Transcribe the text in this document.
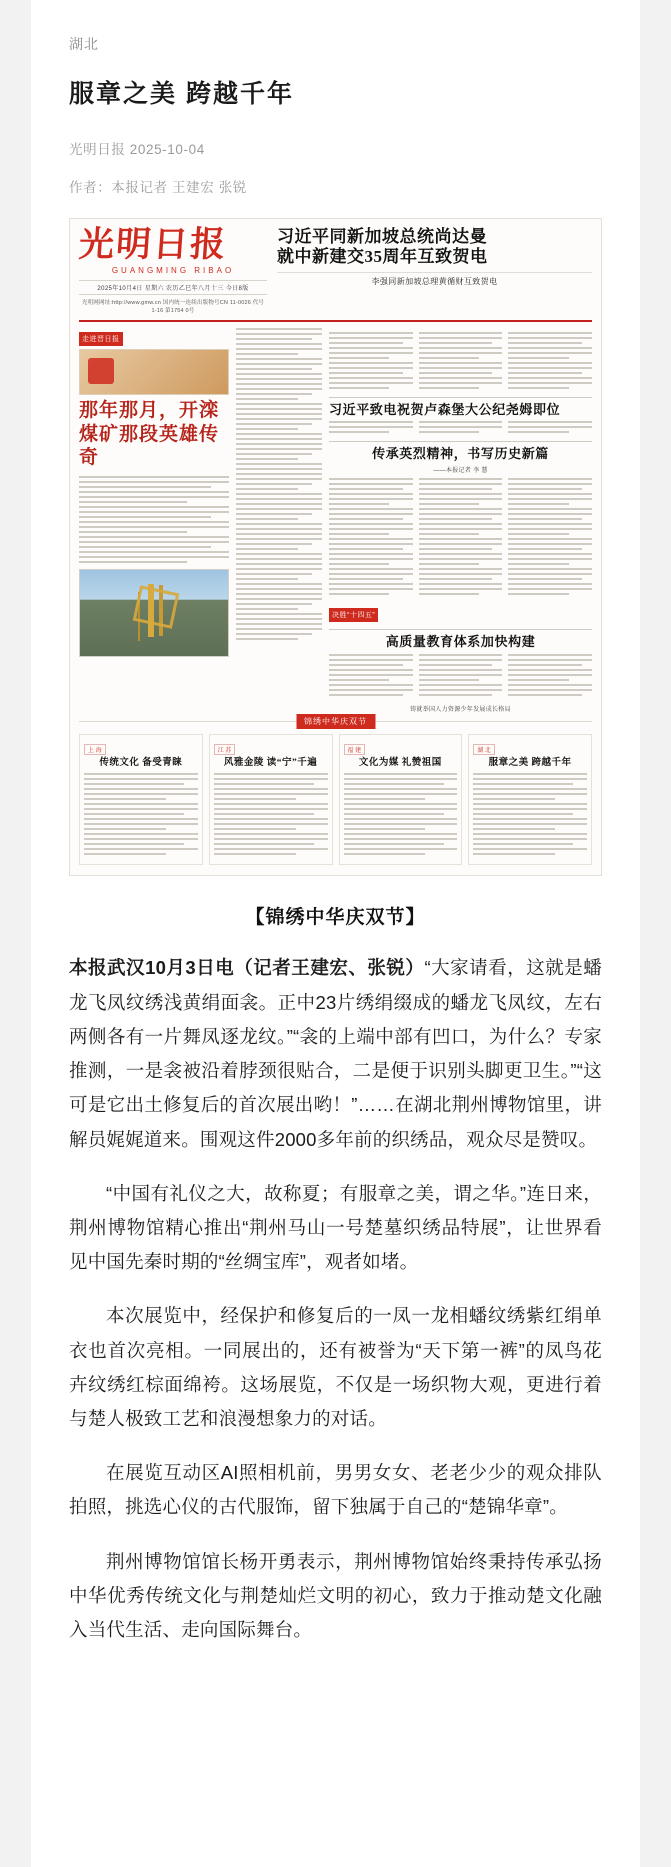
湖北
服章之美 跨越千年
光明日报 2025-10-04
作者：本报记者 王建宏 张锐
光明日报
GUANGMING RIBAO
2025年10月4日 星期六 农历乙巳年八月十三 今日8版
光明网网址:http://www.gmw.cn 国内统一连续出版物号CN 11-0026 代号 1-16 第1754 0号
习近平同新加坡总统尚达曼
就中新建交35周年互致贺电
李强同新加坡总理黄循财互致贺电
走进晋日报
那年那月，开滦煤矿那段英雄传奇
习近平致电祝贺卢森堡大公纪尧姆即位
传承英烈精神，书写历史新篇
——本报记者 李 慧
决胜“十四五”
高质量教育体系加快构建
铸就举国人力资源少年发展成长格局
锦绣中华庆双节
上 海
传统文化 备受青睐
江 苏
风雅金陵 读“宁”千遍
福 建
文化为媒 礼赞祖国
湖 北
服章之美 跨越千年
【锦绣中华庆双节】

本报武汉10月3日电（记者王建宏、张锐）“大家请看，这就是蟠龙飞凤纹绣浅黄绢面衾。正中23片绣绢缀成的蟠龙飞凤纹，左右两侧各有一片舞凤逐龙纹。”“衾的上端中部有凹口，为什么？专家推测，一是衾被沿着脖颈很贴合，二是便于识别头脚更卫生。”“这可是它出土修复后的首次展出哟！”……在湖北荆州博物馆里，讲解员娓娓道来。围观这件2000多年前的织绣品，观众尽是赞叹。

“中国有礼仪之大，故称夏；有服章之美，谓之华。”连日来，荆州博物馆精心推出“荆州马山一号楚墓织绣品特展”，让世界看见中国先秦时期的“丝绸宝库”，观者如堵。

本次展览中，经保护和修复后的一凤一龙相蟠纹绣紫红绢单衣也首次亮相。一同展出的，还有被誉为“天下第一裤”的凤鸟花卉纹绣红棕面绵袴。这场展览，不仅是一场织物大观，更进行着与楚人极致工艺和浪漫想象力的对话。

在展览互动区AI照相机前，男男女女、老老少少的观众排队拍照，挑选心仪的古代服饰，留下独属于自己的“楚锦华章”。

荆州博物馆馆长杨开勇表示，荆州博物馆始终秉持传承弘扬中华优秀传统文化与荆楚灿烂文明的初心，致力于推动楚文化融入当代生活、走向国际舞台。
